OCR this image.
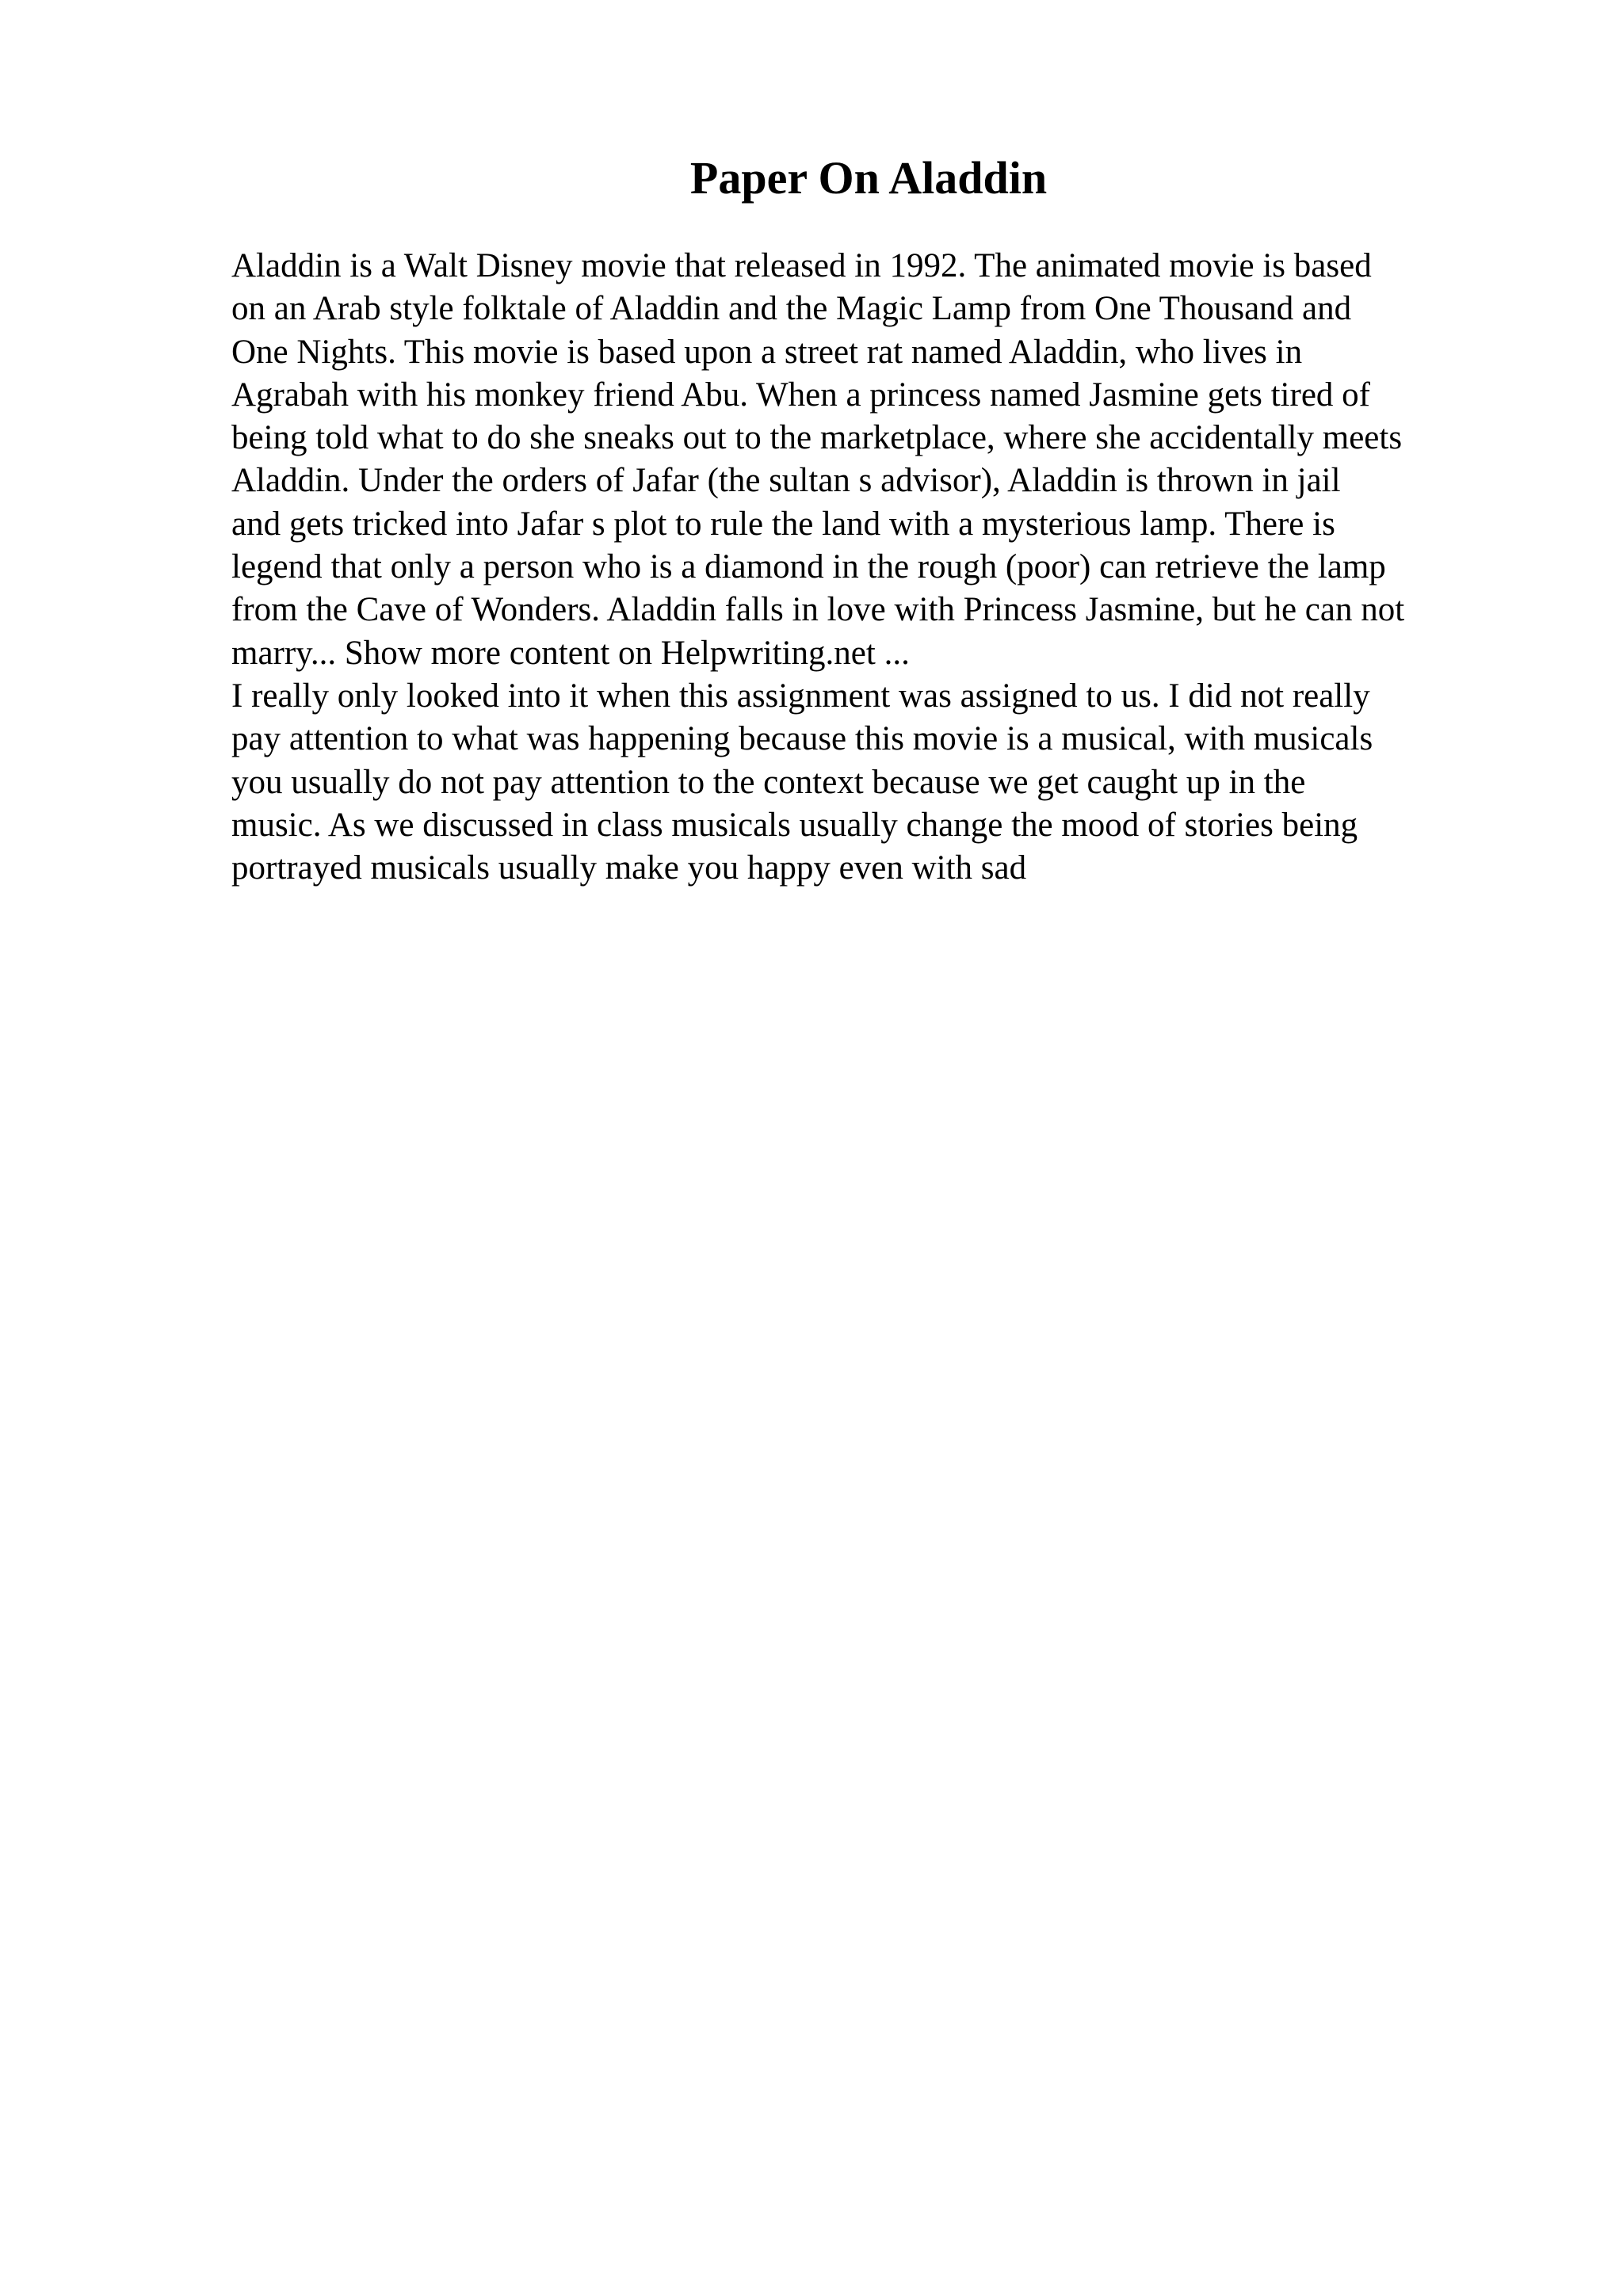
Paper On Aladdin
Aladdin is a Walt Disney movie that released in 1992. The animated movie is based
on an Arab style folktale of Aladdin and the Magic Lamp from One Thousand and
One Nights. This movie is based upon a street rat named Aladdin, who lives in
Agrabah with his monkey friend Abu. When a princess named Jasmine gets tired of
being told what to do she sneaks out to the marketplace, where she accidentally meets
Aladdin. Under the orders of Jafar (the sultan s advisor), Aladdin is thrown in jail
and gets tricked into Jafar s plot to rule the land with a mysterious lamp. There is
legend that only a person who is a diamond in the rough (poor) can retrieve the lamp
from the Cave of Wonders. Aladdin falls in love with Princess Jasmine, but he can not
marry... Show more content on Helpwriting.net ...
I really only looked into it when this assignment was assigned to us. I did not really
pay attention to what was happening because this movie is a musical, with musicals
you usually do not pay attention to the context because we get caught up in the
music. As we discussed in class musicals usually change the mood of stories being
portrayed musicals usually make you happy even with sad
